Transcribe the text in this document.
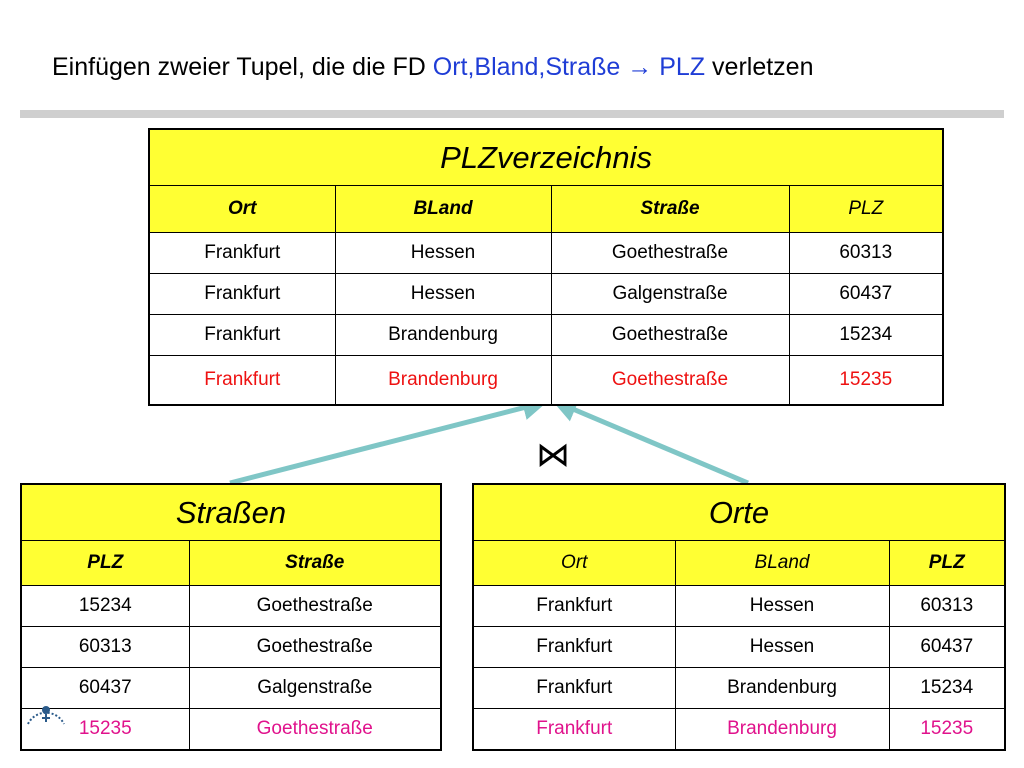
Einfügen zweier Tupel, die die FD Ort,Bland,Straße → PLZ verletzen
⋈
PLZverzeichnis			
Ort	BLand	Straße	PLZ
Frankfurt	Hessen	Goethestraße	60313
Frankfurt	Hessen	Galgenstraße	60437
Frankfurt	Brandenburg	Goethestraße	15234
Frankfurt	Brandenburg	Goethestraße	15235
Straßen	
PLZ	Straße
15234	Goethestraße
60313	Goethestraße
60437	Galgenstraße
15235	Goethestraße
Orte		
Ort	BLand	PLZ
Frankfurt	Hessen	60313
Frankfurt	Hessen	60437
Frankfurt	Brandenburg	15234
Frankfurt	Brandenburg	15235
